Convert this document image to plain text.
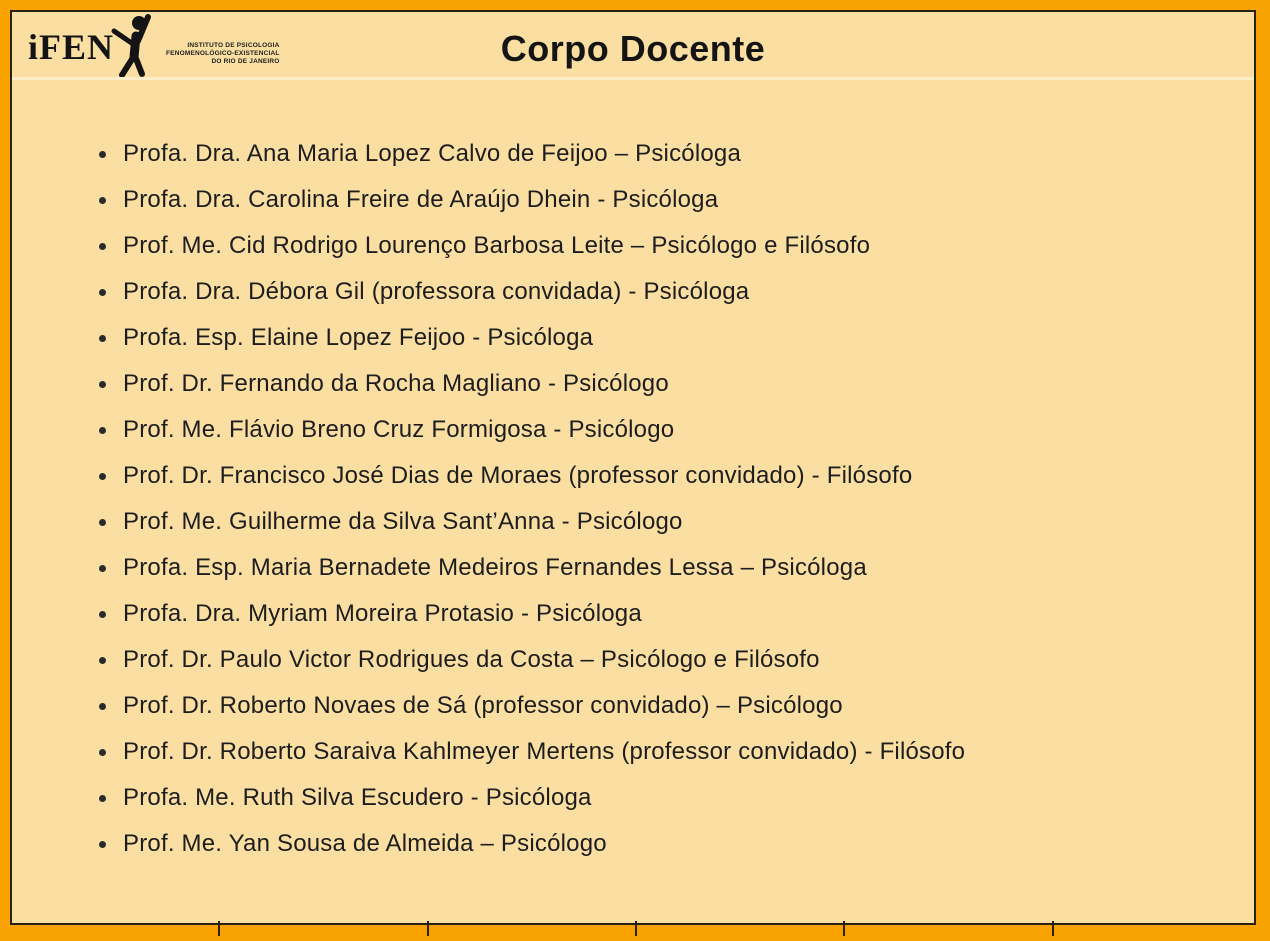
iFEN	INSTITUTO DE PSICOLOGIA
FENOMENOLÓGICO-EXISTENCIAL
DO RIO DE JANEIRO	Corpo Docente
Profa. Dra. Ana Maria Lopez Calvo de Feijoo – Psicóloga
Profa. Dra. Carolina Freire de Araújo Dhein - Psicóloga
Prof. Me. Cid Rodrigo Lourenço Barbosa Leite – Psicólogo e Filósofo
Profa. Dra. Débora Gil (professora convidada) - Psicóloga
Profa. Esp. Elaine Lopez Feijoo - Psicóloga
Prof. Dr. Fernando da Rocha Magliano - Psicólogo
Prof. Me. Flávio Breno Cruz Formigosa - Psicólogo
Prof. Dr. Francisco José Dias de Moraes (professor convidado) - Filósofo
Prof. Me. Guilherme da Silva Sant’Anna - Psicólogo
Profa. Esp. Maria Bernadete Medeiros Fernandes Lessa – Psicóloga
Profa. Dra. Myriam Moreira Protasio - Psicóloga
Prof. Dr. Paulo Victor Rodrigues da Costa – Psicólogo e Filósofo
Prof. Dr. Roberto Novaes de Sá (professor convidado) – Psicólogo
Prof. Dr. Roberto Saraiva Kahlmeyer Mertens (professor convidado) - Filósofo
Profa. Me. Ruth Silva Escudero - Psicóloga
Prof. Me. Yan Sousa de Almeida – Psicólogo
